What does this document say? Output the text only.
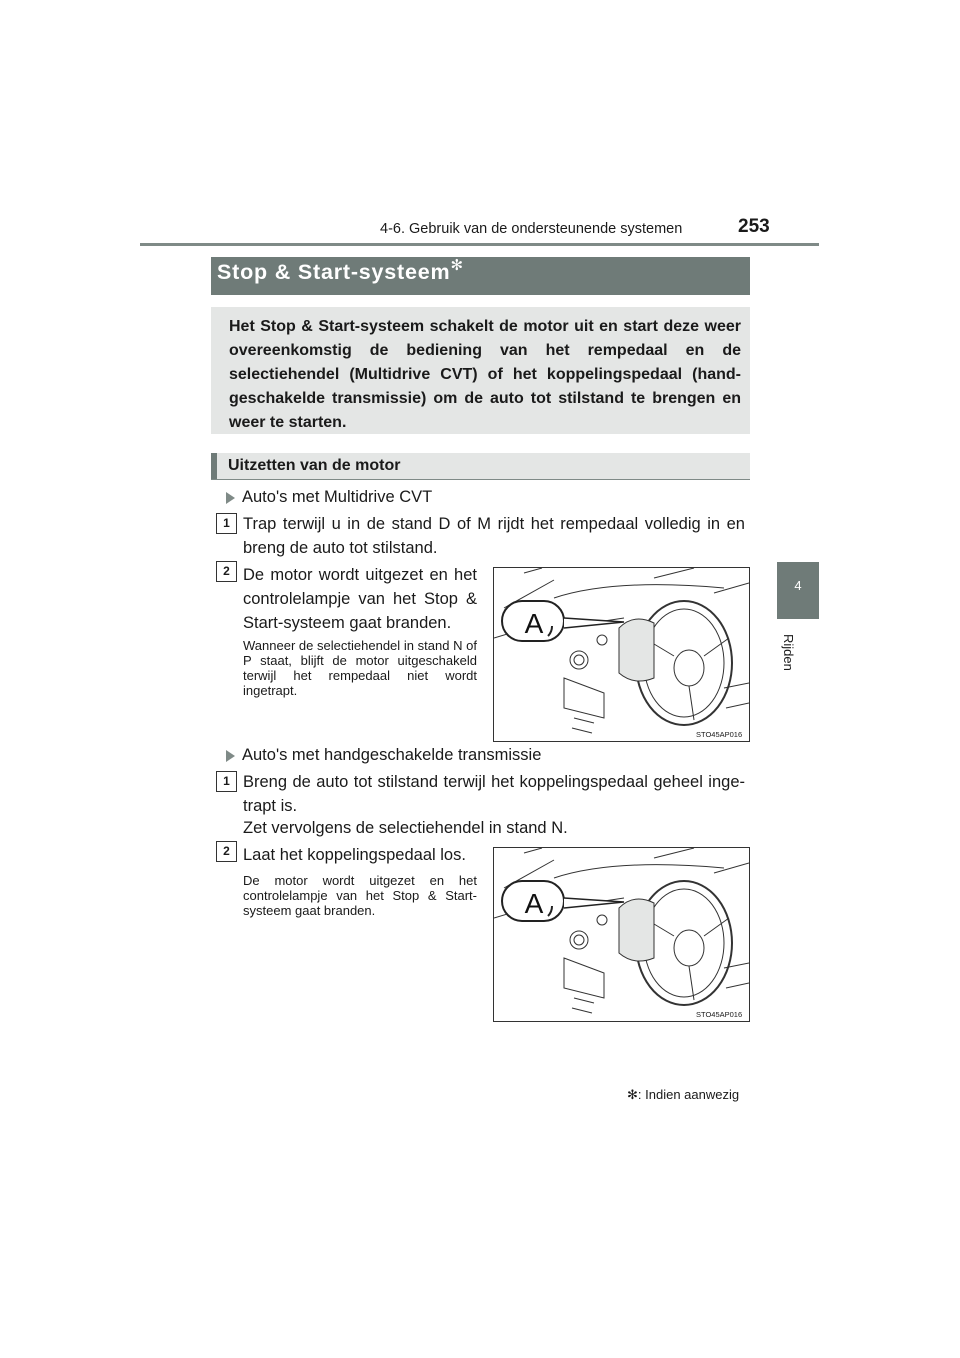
4-6. Gebruik van de ondersteunende systemen	253
4
Rijden
Stop & Start-systeem✻
Het Stop & Start-systeem schakelt de motor uit en start deze weer overeenkomstig de bediening van het rempedaal en de selectiehendel (Multidrive CVT) of het koppelingspedaal (handgeschakelde transmissie) om de auto tot stilstand te brengen en weer te starten.
Uitzetten van de motor
Auto's met Multidrive CVT
1 Trap terwijl u in de stand D of M rijdt het rempedaal volledig in en breng de auto tot stilstand.
2 De motor wordt uitgezet en het controlelampje van het Stop & Start-systeem gaat branden.
Wanneer de selectiehendel in stand N of P staat, blijft de motor uitgeschakeld terwijl het rempedaal niet wordt ingetrapt.
A
STO45AP016
Auto's met handgeschakelde transmissie
1 Breng de auto tot stilstand terwijl het koppelingspedaal geheel ingetrapt is.
Zet vervolgens de selectiehendel in stand N.
2 Laat het koppelingspedaal los.
De motor wordt uitgezet en het controlelampje van het Stop & Start-systeem gaat branden.	A
STO45AP016
✻: Indien aanwezig
